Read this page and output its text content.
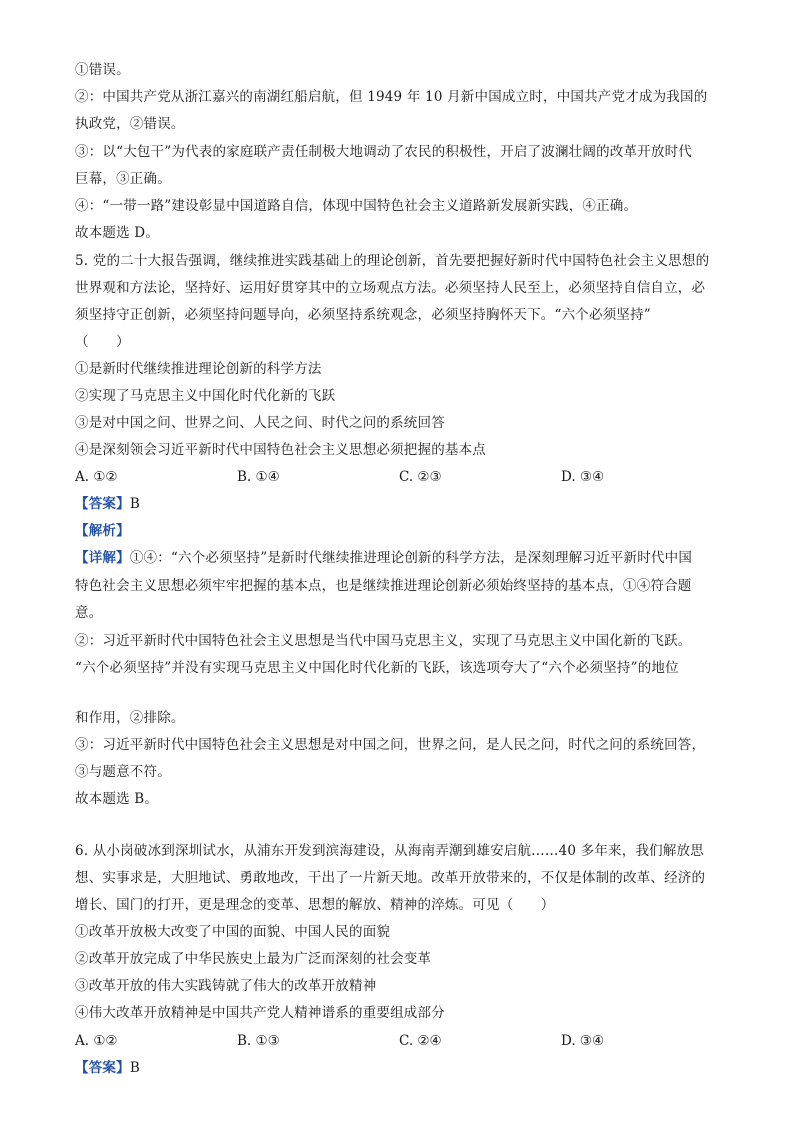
①错误。
②：中国共产党从浙江嘉兴的南湖红船启航，但 1949 年 10 月新中国成立时，中国共产党才成为我国的
执政党，②错误。
③：以“大包干”为代表的家庭联产责任制极大地调动了农民的积极性，开启了波澜壮阔的改革开放时代
巨幕，③正确。
④：“一带一路”建设彰显中国道路自信，体现中国特色社会主义道路新发展新实践，④正确。
故本题选 D。
5. 党的二十大报告强调，继续推进实践基础上的理论创新，首先要把握好新时代中国特色社会主义思想的
世界观和方法论，坚持好、运用好贯穿其中的立场观点方法。必须坚持人民至上，必须坚持自信自立，必
须坚持守正创新，必须坚持问题导向，必须坚持系统观念，必须坚持胸怀天下。“六个必须坚持”
（　　）
①是新时代继续推进理论创新的科学方法
②实现了马克思主义中国化时代化新的飞跃
③是对中国之问、世界之问、人民之问、时代之问的系统回答
④是深刻领会习近平新时代中国特色社会主义思想必须把握的基本点
A. ①②	B. ①④	C. ②③	D. ③④
【答案】B
【解析】
【详解】①④：“六个必须坚持”是新时代继续推进理论创新的科学方法，是深刻理解习近平新时代中国
特色社会主义思想必须牢牢把握的基本点，也是继续推进理论创新必须始终坚持的基本点，①④符合题
意。
②：习近平新时代中国特色社会主义思想是当代中国马克思主义，实现了马克思主义中国化新的飞跃。
“六个必须坚持”并没有实现马克思主义中国化时代化新的飞跃，该选项夸大了“六个必须坚持”的地位
和作用，②排除。
③：习近平新时代中国特色社会主义思想是对中国之问，世界之问，是人民之问，时代之问的系统回答，
③与题意不符。
故本题选 B。
6. 从小岗破冰到深圳试水，从浦东开发到滨海建设，从海南弄潮到雄安启航……40 多年来，我们解放思
想、实事求是，大胆地试、勇敢地改，干出了一片新天地。改革开放带来的，不仅是体制的改革、经济的
增长、国门的打开，更是理念的变革、思想的解放、精神的淬炼。可见（　　）
①改革开放极大改变了中国的面貌、中国人民的面貌
②改革开放完成了中华民族史上最为广泛而深刻的社会变革
③改革开放的伟大实践铸就了伟大的改革开放精神
④伟大改革开放精神是中国共产党人精神谱系的重要组成部分
A. ①②	B. ①③	C. ②④	D. ③④
【答案】B
